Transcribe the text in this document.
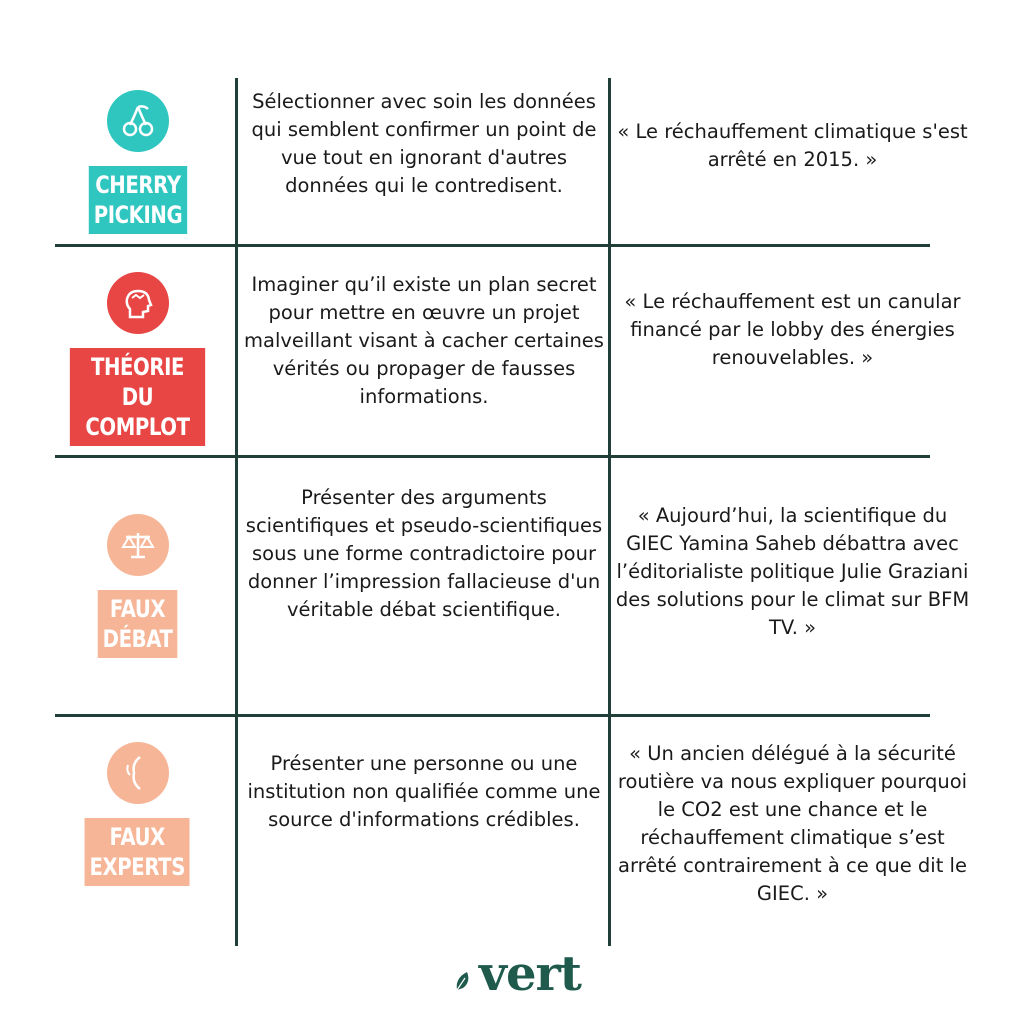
CHERRY
PICKING
Sélectionner avec soin les données qui semblent confirmer un point de vue tout en ignorant d'autres données qui le contredisent.
« Le réchauffement climatique s'est arrêté en 2015. »
THÉORIE DU
COMPLOT
Imaginer qu’il existe un plan secret pour mettre en œuvre un projet malveillant visant à cacher certaines vérités ou propager de fausses informations.
« Le réchauffement est un canular financé par le lobby des énergies renouvelables. »
FAUX
DÉBAT
Présenter des arguments scientifiques et pseudo-scientifiques sous une forme contradictoire pour donner l’impression fallacieuse d'un véritable débat scientifique.
« Aujourd’hui, la scientifique du GIEC Yamina Saheb débattra avec l’éditorialiste politique Julie Graziani des solutions pour le climat sur BFM TV. »
FAUX
EXPERTS
Présenter une personne ou une institution non qualifiée comme une source d'informations crédibles.
« Un ancien délégué à la sécurité routière va nous expliquer pourquoi le CO2 est une chance et le réchauffement climatique s’est arrêté contrairement à ce que dit le GIEC. »
vert
